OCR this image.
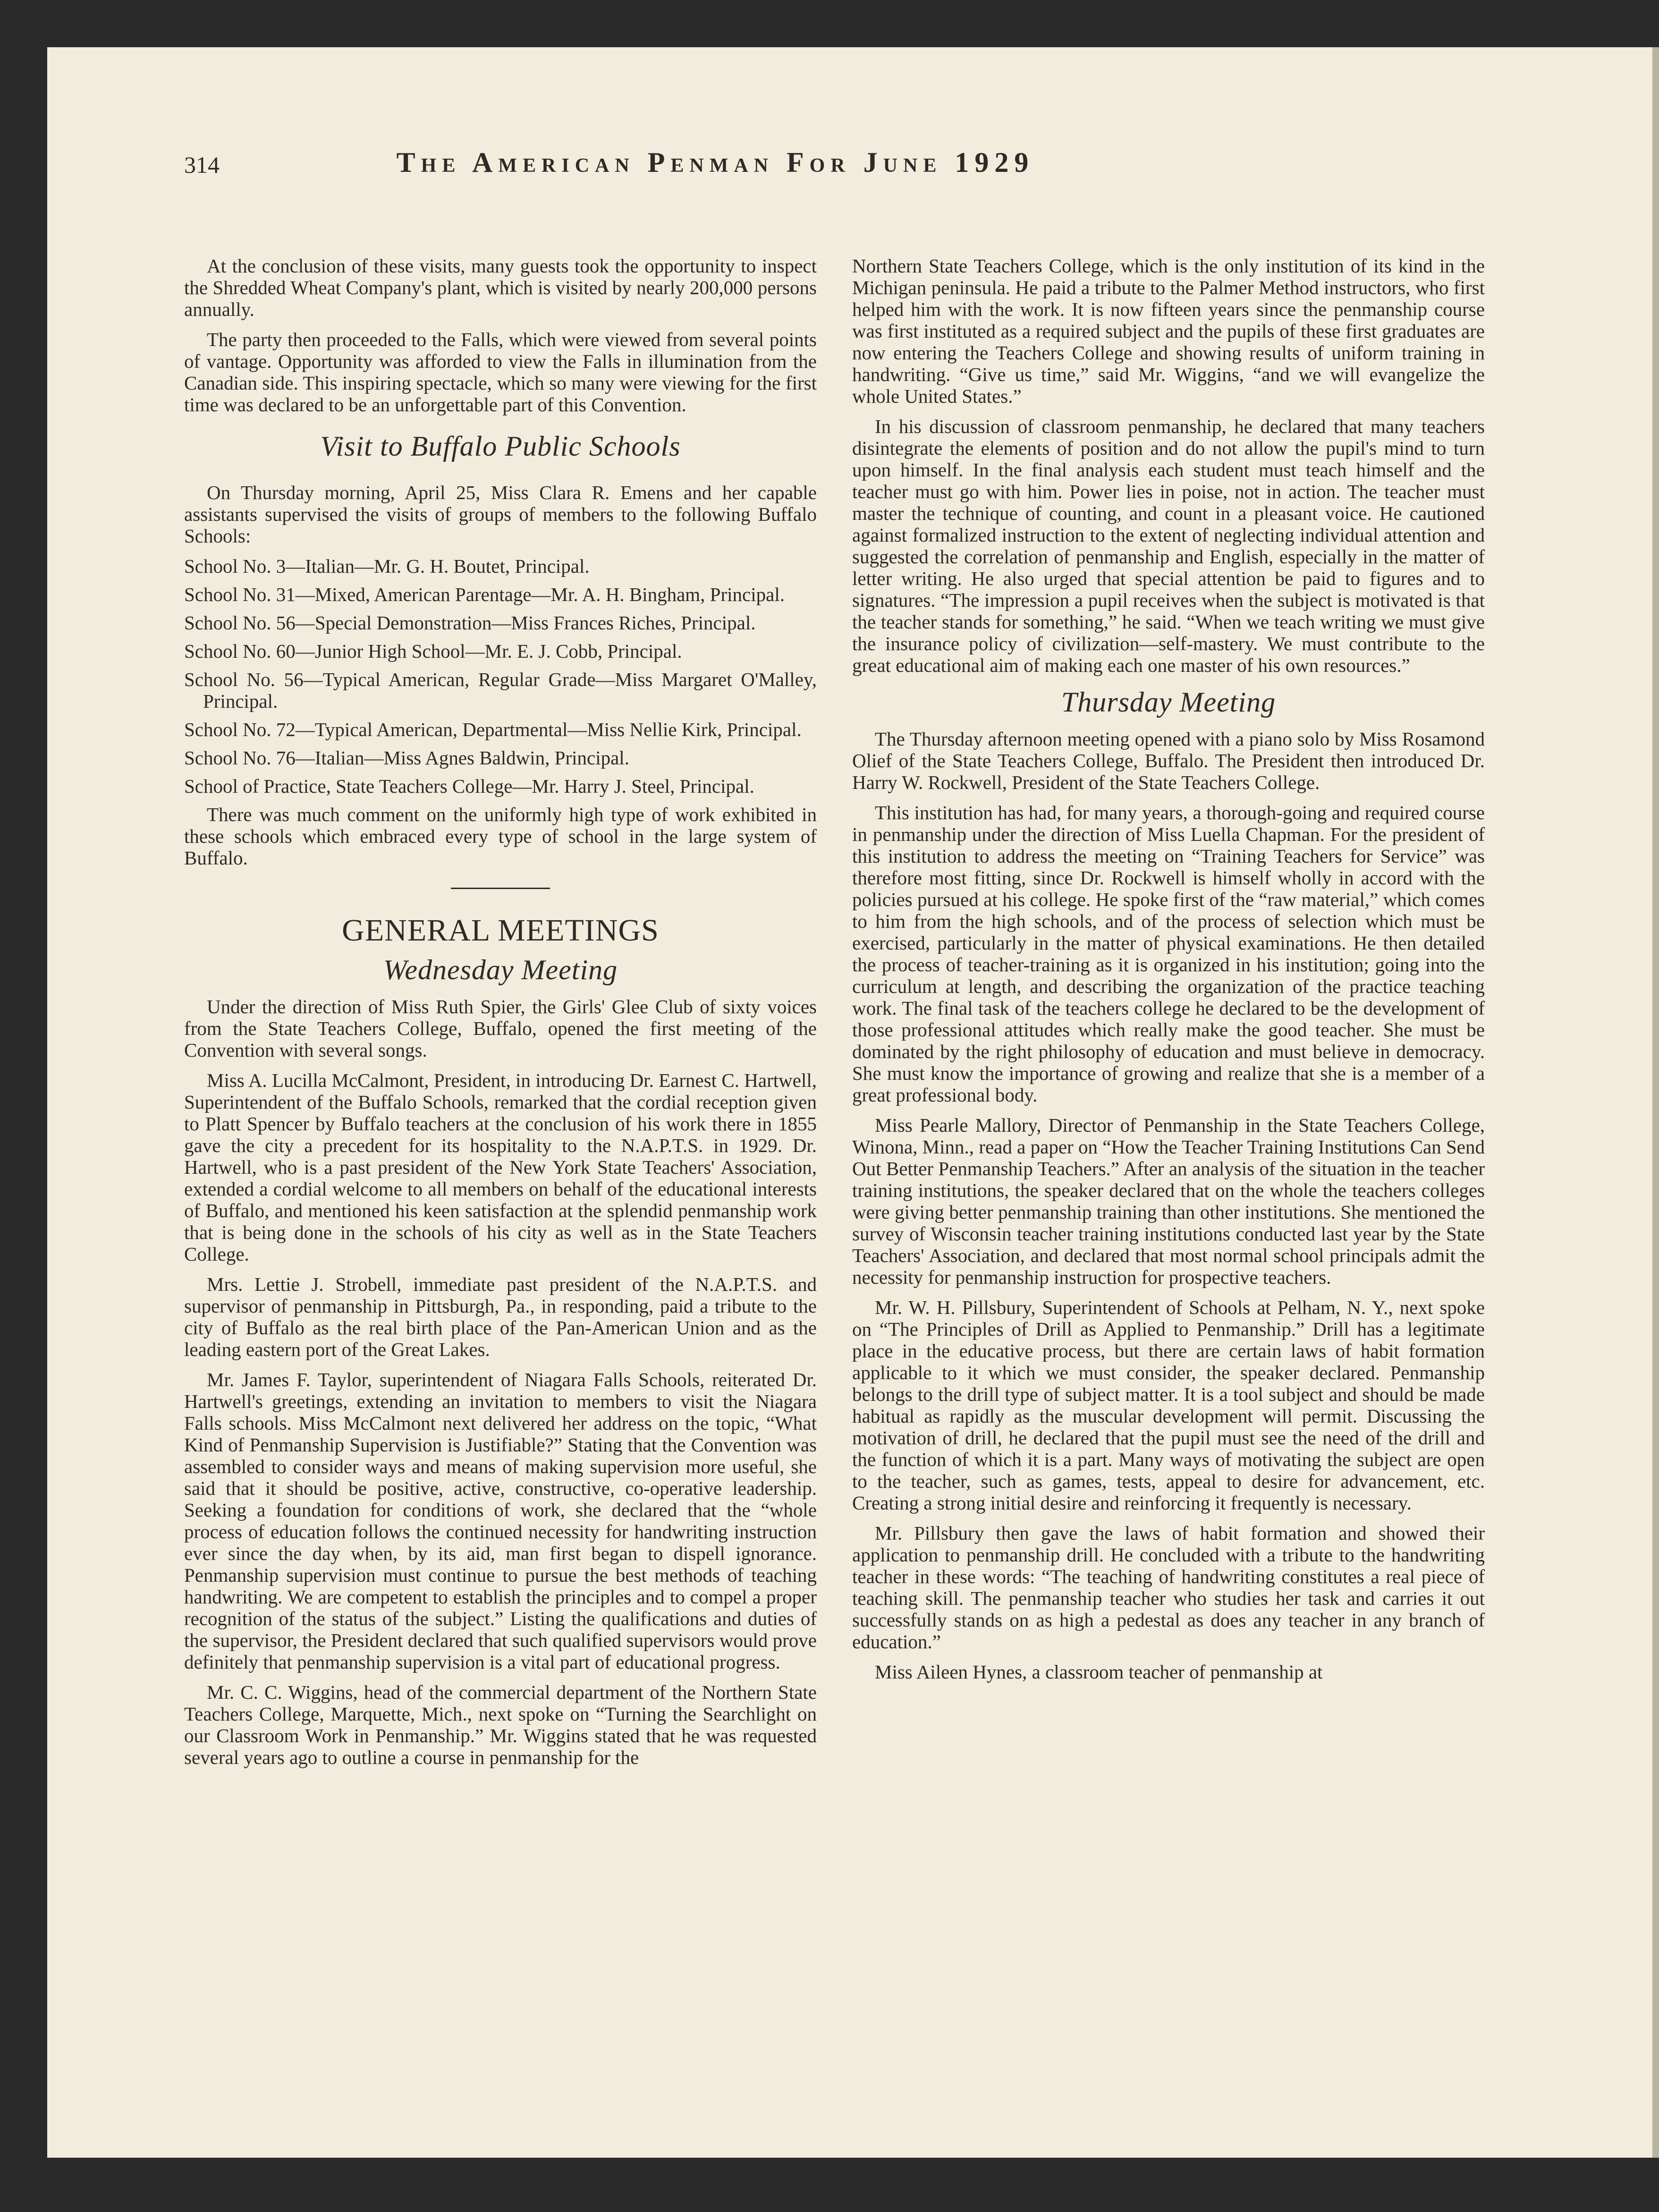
314	The American Penman For June 1929

At the conclusion of these visits, many guests took the opportunity to inspect the Shredded Wheat Company's plant, which is visited by nearly 200,000 persons annually.

The party then proceeded to the Falls, which were viewed from several points of vantage. Opportunity was afforded to view the Falls in illumination from the Canadian side. This inspiring spectacle, which so many were viewing for the first time was declared to be an unforgettable part of this Convention.

Visit to Buffalo Public Schools

On Thursday morning, April 25, Miss Clara R. Emens and her capable assistants supervised the visits of groups of members to the following Buffalo Schools:

School No. 3—Italian—Mr. G. H. Boutet, Principal.

School No. 31—Mixed, American Parentage—Mr. A. H. Bingham, Principal.

School No. 56—Special Demonstration—Miss Frances Riches, Principal.

School No. 60—Junior High School—Mr. E. J. Cobb, Principal.

School No. 56—Typical American, Regular Grade—Miss Margaret O'Malley, Principal.

School No. 72—Typical American, Departmental—Miss Nellie Kirk, Principal.

School No. 76—Italian—Miss Agnes Baldwin, Principal.

School of Practice, State Teachers College—Mr. Harry J. Steel, Principal.

There was much comment on the uniformly high type of work exhibited in these schools which embraced every type of school in the large system of Buffalo.

GENERAL MEETINGS
Wednesday Meeting

Under the direction of Miss Ruth Spier, the Girls' Glee Club of sixty voices from the State Teachers College, Buffalo, opened the first meeting of the Convention with several songs.

Miss A. Lucilla McCalmont, President, in introducing Dr. Earnest C. Hartwell, Superintendent of the Buffalo Schools, remarked that the cordial reception given to Platt Spencer by Buffalo teachers at the conclusion of his work there in 1855 gave the city a precedent for its hospitality to the N.A.P.T.S. in 1929. Dr. Hartwell, who is a past president of the New York State Teachers' Association, extended a cordial welcome to all members on behalf of the educational interests of Buffalo, and mentioned his keen satisfaction at the splendid penmanship work that is being done in the schools of his city as well as in the State Teachers College.

Mrs. Lettie J. Strobell, immediate past president of the N.A.P.T.S. and supervisor of penmanship in Pittsburgh, Pa., in responding, paid a tribute to the city of Buffalo as the real birth place of the Pan-American Union and as the leading eastern port of the Great Lakes.

Mr. James F. Taylor, superintendent of Niagara Falls Schools, reiterated Dr. Hartwell's greetings, extending an invitation to members to visit the Niagara Falls schools. Miss McCalmont next delivered her address on the topic, “What Kind of Penmanship Supervision is Justifiable?” Stating that the Convention was assembled to consider ways and means of making supervision more useful, she said that it should be positive, active, constructive, co-operative leadership. Seeking a foundation for conditions of work, she declared that the “whole process of education follows the continued necessity for handwriting instruction ever since the day when, by its aid, man first began to dispell ignorance. Penmanship supervision must continue to pursue the best methods of teaching handwriting. We are competent to establish the principles and to compel a proper recognition of the status of the subject.” Listing the qualifications and duties of the supervisor, the President declared that such qualified supervisors would prove definitely that penmanship supervision is a vital part of educational progress.

Mr. C. C. Wiggins, head of the commercial department of the Northern State Teachers College, Marquette, Mich., next spoke on “Turning the Searchlight on our Classroom Work in Penmanship.” Mr. Wiggins stated that he was requested several years ago to outline a course in penmanship for the

Northern State Teachers College, which is the only institution of its kind in the Michigan peninsula. He paid a tribute to the Palmer Method instructors, who first helped him with the work. It is now fifteen years since the penmanship course was first instituted as a required subject and the pupils of these first graduates are now entering the Teachers College and showing results of uniform training in handwriting. “Give us time,” said Mr. Wiggins, “and we will evangelize the whole United States.”

In his discussion of classroom penmanship, he declared that many teachers disintegrate the elements of position and do not allow the pupil's mind to turn upon himself. In the final analysis each student must teach himself and the teacher must go with him. Power lies in poise, not in action. The teacher must master the technique of counting, and count in a pleasant voice. He cautioned against formalized instruction to the extent of neglecting individual attention and suggested the correlation of penmanship and English, especially in the matter of letter writing. He also urged that special attention be paid to figures and to signatures. “The impression a pupil receives when the subject is motivated is that the teacher stands for something,” he said. “When we teach writing we must give the insurance policy of civilization—self-mastery. We must contribute to the great educational aim of making each one master of his own resources.”

Thursday Meeting

The Thursday afternoon meeting opened with a piano solo by Miss Rosamond Olief of the State Teachers College, Buffalo. The President then introduced Dr. Harry W. Rockwell, President of the State Teachers College.

This institution has had, for many years, a thorough-going and required course in penmanship under the direction of Miss Luella Chapman. For the president of this institution to address the meeting on “Training Teachers for Service” was therefore most fitting, since Dr. Rockwell is himself wholly in accord with the policies pursued at his college. He spoke first of the “raw material,” which comes to him from the high schools, and of the process of selection which must be exercised, particularly in the matter of physical examinations. He then detailed the process of teacher-training as it is organized in his institution; going into the curriculum at length, and describing the organization of the practice teaching work. The final task of the teachers college he declared to be the development of those professional attitudes which really make the good teacher. She must be dominated by the right philosophy of education and must believe in democracy. She must know the importance of growing and realize that she is a member of a great professional body.

Miss Pearle Mallory, Director of Penmanship in the State Teachers College, Winona, Minn., read a paper on “How the Teacher Training Institutions Can Send Out Better Penmanship Teachers.” After an analysis of the situation in the teacher training institutions, the speaker declared that on the whole the teachers colleges were giving better penmanship training than other institutions. She mentioned the survey of Wisconsin teacher training institutions conducted last year by the State Teachers' Association, and declared that most normal school principals admit the necessity for penmanship instruction for prospective teachers.

Mr. W. H. Pillsbury, Superintendent of Schools at Pelham, N. Y., next spoke on “The Principles of Drill as Applied to Penmanship.” Drill has a legitimate place in the educative process, but there are certain laws of habit formation applicable to it which we must consider, the speaker declared. Penmanship belongs to the drill type of subject matter. It is a tool subject and should be made habitual as rapidly as the muscular development will permit. Discussing the motivation of drill, he declared that the pupil must see the need of the drill and the function of which it is a part. Many ways of motivating the subject are open to the teacher, such as games, tests, appeal to desire for advancement, etc. Creating a strong initial desire and reinforcing it frequently is necessary.

Mr. Pillsbury then gave the laws of habit formation and showed their application to penmanship drill. He concluded with a tribute to the handwriting teacher in these words: “The teaching of handwriting constitutes a real piece of teaching skill. The penmanship teacher who studies her task and carries it out successfully stands on as high a pedestal as does any teacher in any branch of education.”

Miss Aileen Hynes, a classroom teacher of penmanship at
